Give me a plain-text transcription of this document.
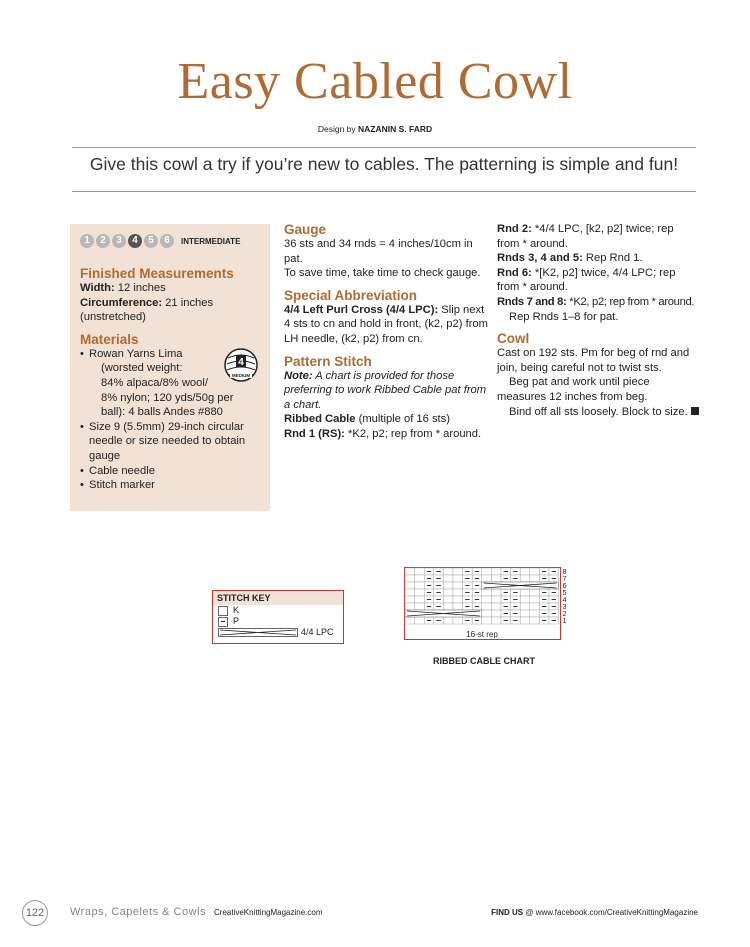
Easy Cabled Cowl
Design by NAZANIN S. FARD
Give this cowl a try if you’re new to cables. The patterning is simple and fun!
1	2	3	4	5	6	INTERMEDIATE
Finished Measurements
Width: 12 inches
Circumference: 21 inches
(unstretched)
Materials
• Rowan Yarns Lima
(worsted weight:
84% alpaca/8% wool/
8% nylon; 120 yds/50g per
ball): 4 balls Andes #880
• Size 9 (5.5mm) 29-inch circular needle or size needed to obtain gauge
• Cable needle
• Stitch marker
4
MEDIUM
Gauge
36 sts and 34 rnds = 4 inches/10cm in pat.
To save time, take time to check gauge.
Special Abbreviation
4/4 Left Purl Cross (4/4 LPC): Slip next 4 sts to cn and hold in front, (k2, p2) from LH needle, (k2, p2) from cn.
Pattern Stitch
Note: A chart is provided for those preferring to work Ribbed Cable pat from a chart.
Ribbed Cable (multiple of 16 sts)
Rnd 1 (RS): *K2, p2; rep from * around.
Rnd 2: *4/4 LPC, [k2, p2] twice; rep from * around.
Rnds 3, 4 and 5: Rep Rnd 1.
Rnd 6: *[K2, p2] twice, 4/4 LPC; rep from * around.
Rnds 7 and 8: *K2, p2; rep from * around.
Rep Rnds 1–8 for pat.
Cowl
Cast on 192 sts. Pm for beg of rnd and join, being careful not to twist sts.
Beg pat and work until piece measures 12 inches from beg.
Bind off all sts loosely. Block to size.
STITCH KEY
K
P
4/4 LPC
8
7
6
5
4
3
2
1
16-st rep
RIBBED CABLE CHART
122	Wraps, Capelets & Cowls CreativeKnittingMagazine.com	FIND US @ www.facebook.com/CreativeKnittingMagazine
